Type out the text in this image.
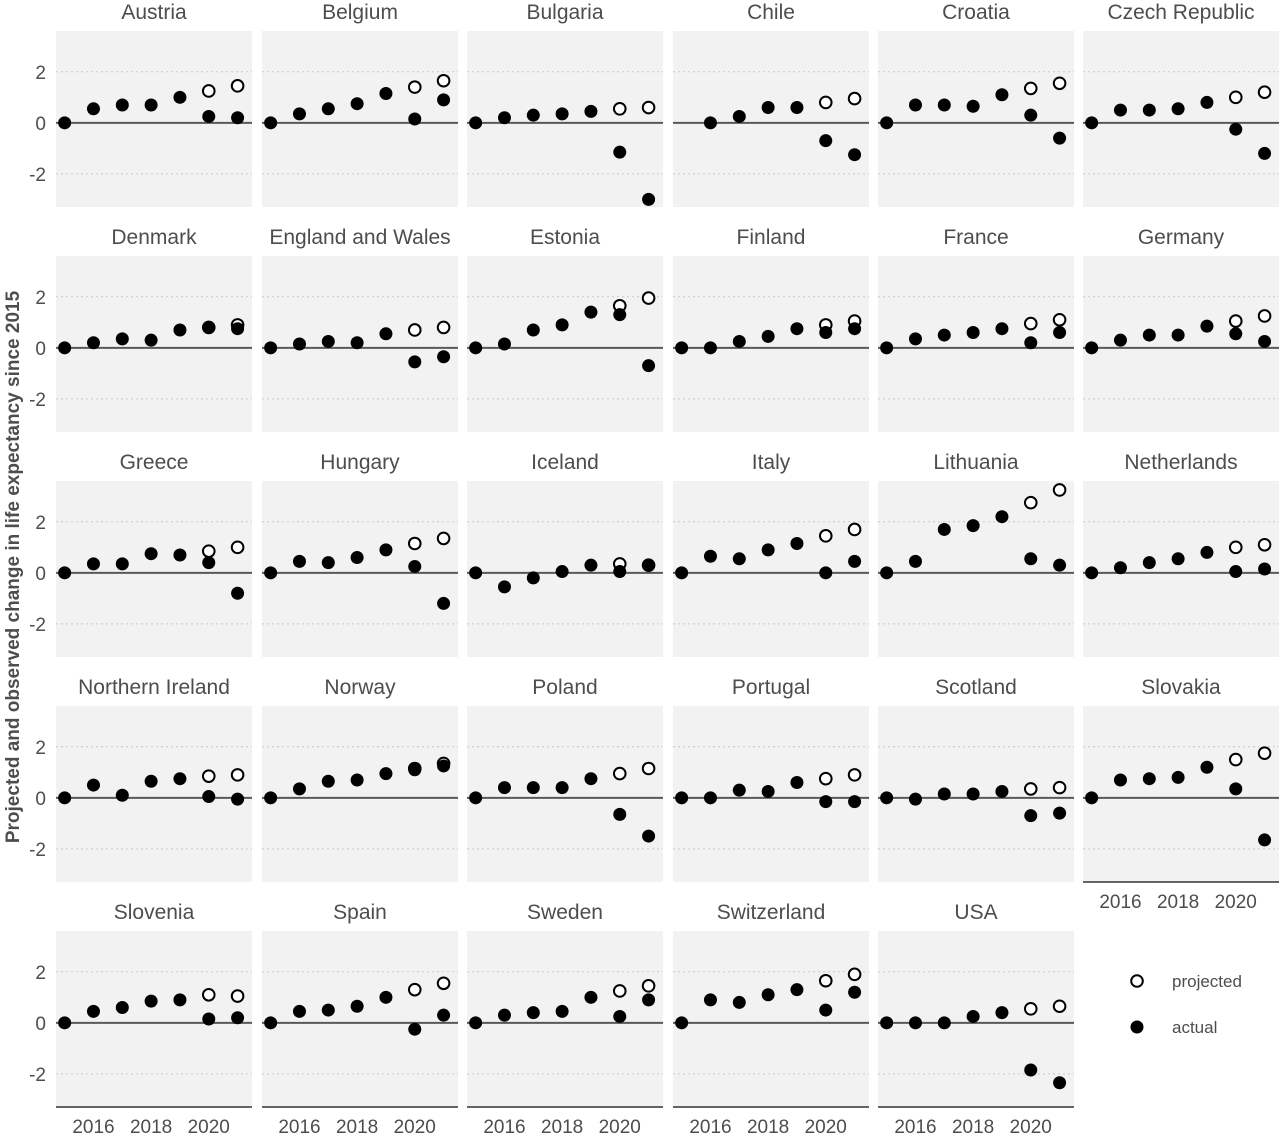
Projected and observed change in life expectancy since 2015
Austria
-2
0
2
Belgium	Bulgaria	Chile	Croatia	Czech Republic
Denmark
-2
0
2
England and Wales	Estonia	Finland	France	Germany
Greece
-2
0
2
Hungary	Iceland	Italy	Lithuania	Netherlands
Northern Ireland
-2
0
2
Norway	Poland	Portugal	Scotland	Slovakia
2016 2018 2020
Slovenia
-2
0
2
2016 2018 2020
Spain
2016 2018 2020
Sweden
2016 2018 2020
Switzerland
2016 2018 2020
USA
2016 2018 2020
projected
actual
